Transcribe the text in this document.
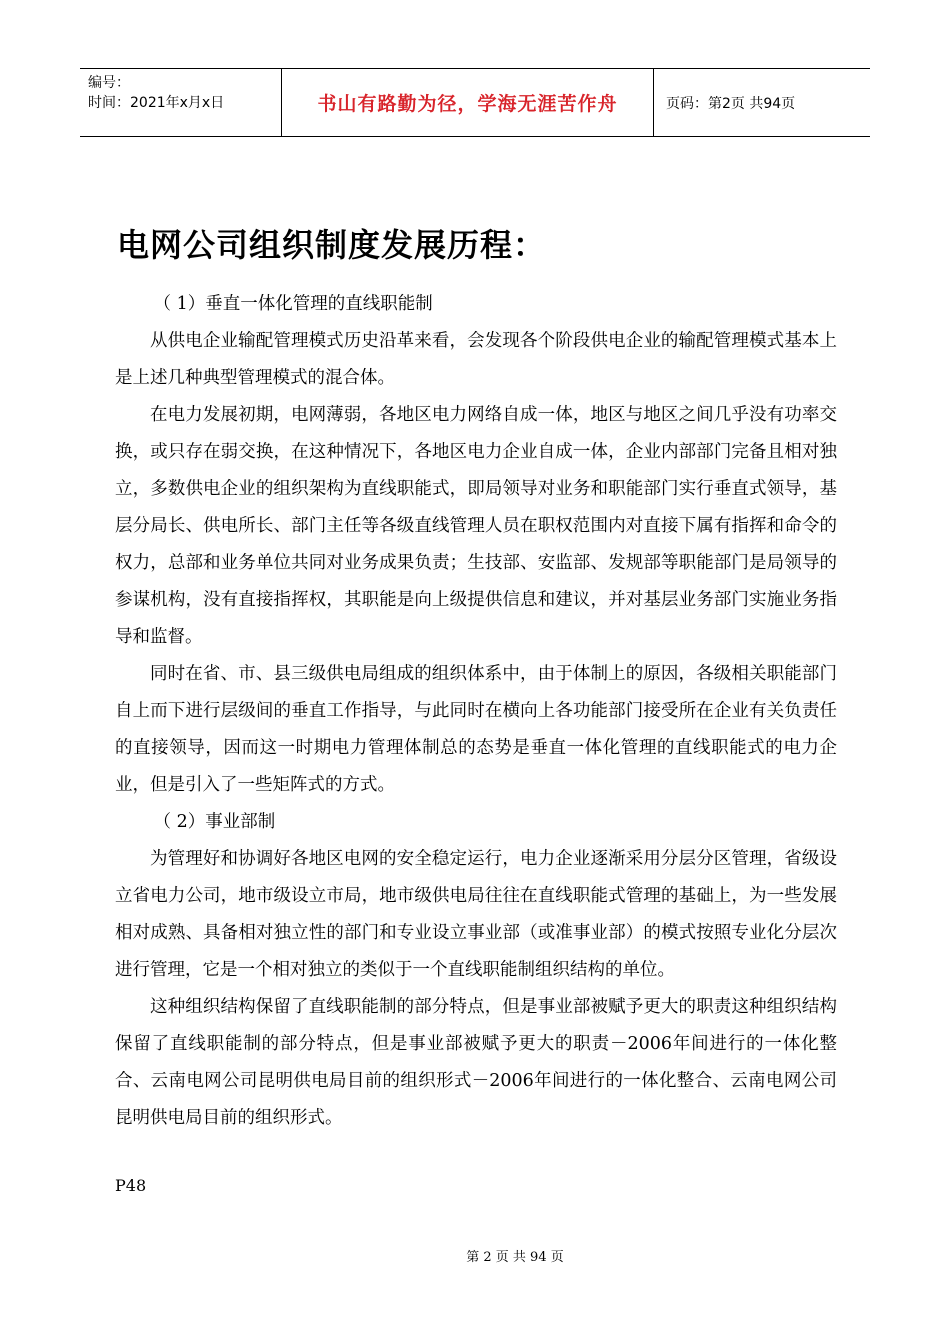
编号：
时间：2021年x月x日	书山有路勤为径，学海无涯苦作舟	页码：第2页 共94页
电网公司组织制度发展历程：

（ 1）垂直一体化管理的直线职能制

从供电企业输配管理模式历史沿革来看，会发现各个阶段供电企业的输配管理模式基本上是上述几种典型管理模式的混合体。

在电力发展初期，电网薄弱，各地区电力网络自成一体，地区与地区之间几乎没有功率交换，或只存在弱交换，在这种情况下，各地区电力企业自成一体，企业内部部门完备且相对独立，多数供电企业的组织架构为直线职能式，即局领导对业务和职能部门实行垂直式领导，基层分局长、供电所长、部门主任等各级直线管理人员在职权范围内对直接下属有指挥和命令的权力，总部和业务单位共同对业务成果负责；生技部、安监部、发规部等职能部门是局领导的参谋机构，没有直接指挥权，其职能是向上级提供信息和建议，并对基层业务部门实施业务指导和监督。

同时在省、市、县三级供电局组成的组织体系中，由于体制上的原因，各级相关职能部门自上而下进行层级间的垂直工作指导，与此同时在横向上各功能部门接受所在企业有关负责任的直接领导，因而这一时期电力管理体制总的态势是垂直一体化管理的直线职能式的电力企业，但是引入了一些矩阵式的方式。

（ 2）事业部制

为管理好和协调好各地区电网的安全稳定运行，电力企业逐渐采用分层分区管理，省级设立省电力公司，地市级设立市局，地市级供电局往往在直线职能式管理的基础上，为一些发展相对成熟、具备相对独立性的部门和专业设立事业部（或准事业部）的模式按照专业化分层次进行管理，它是一个相对独立的类似于一个直线职能制组织结构的单位。

这种组织结构保留了直线职能制的部分特点，但是事业部被赋予更大的职责这种组织结构保留了直线职能制的部分特点，但是事业部被赋予更大的职责－2006年间进行的一体化整合、云南电网公司昆明供电局目前的组织形式－2006年间进行的一体化整合、云南电网公司昆明供电局目前的组织形式。

P48
第 2 页 共 94 页
